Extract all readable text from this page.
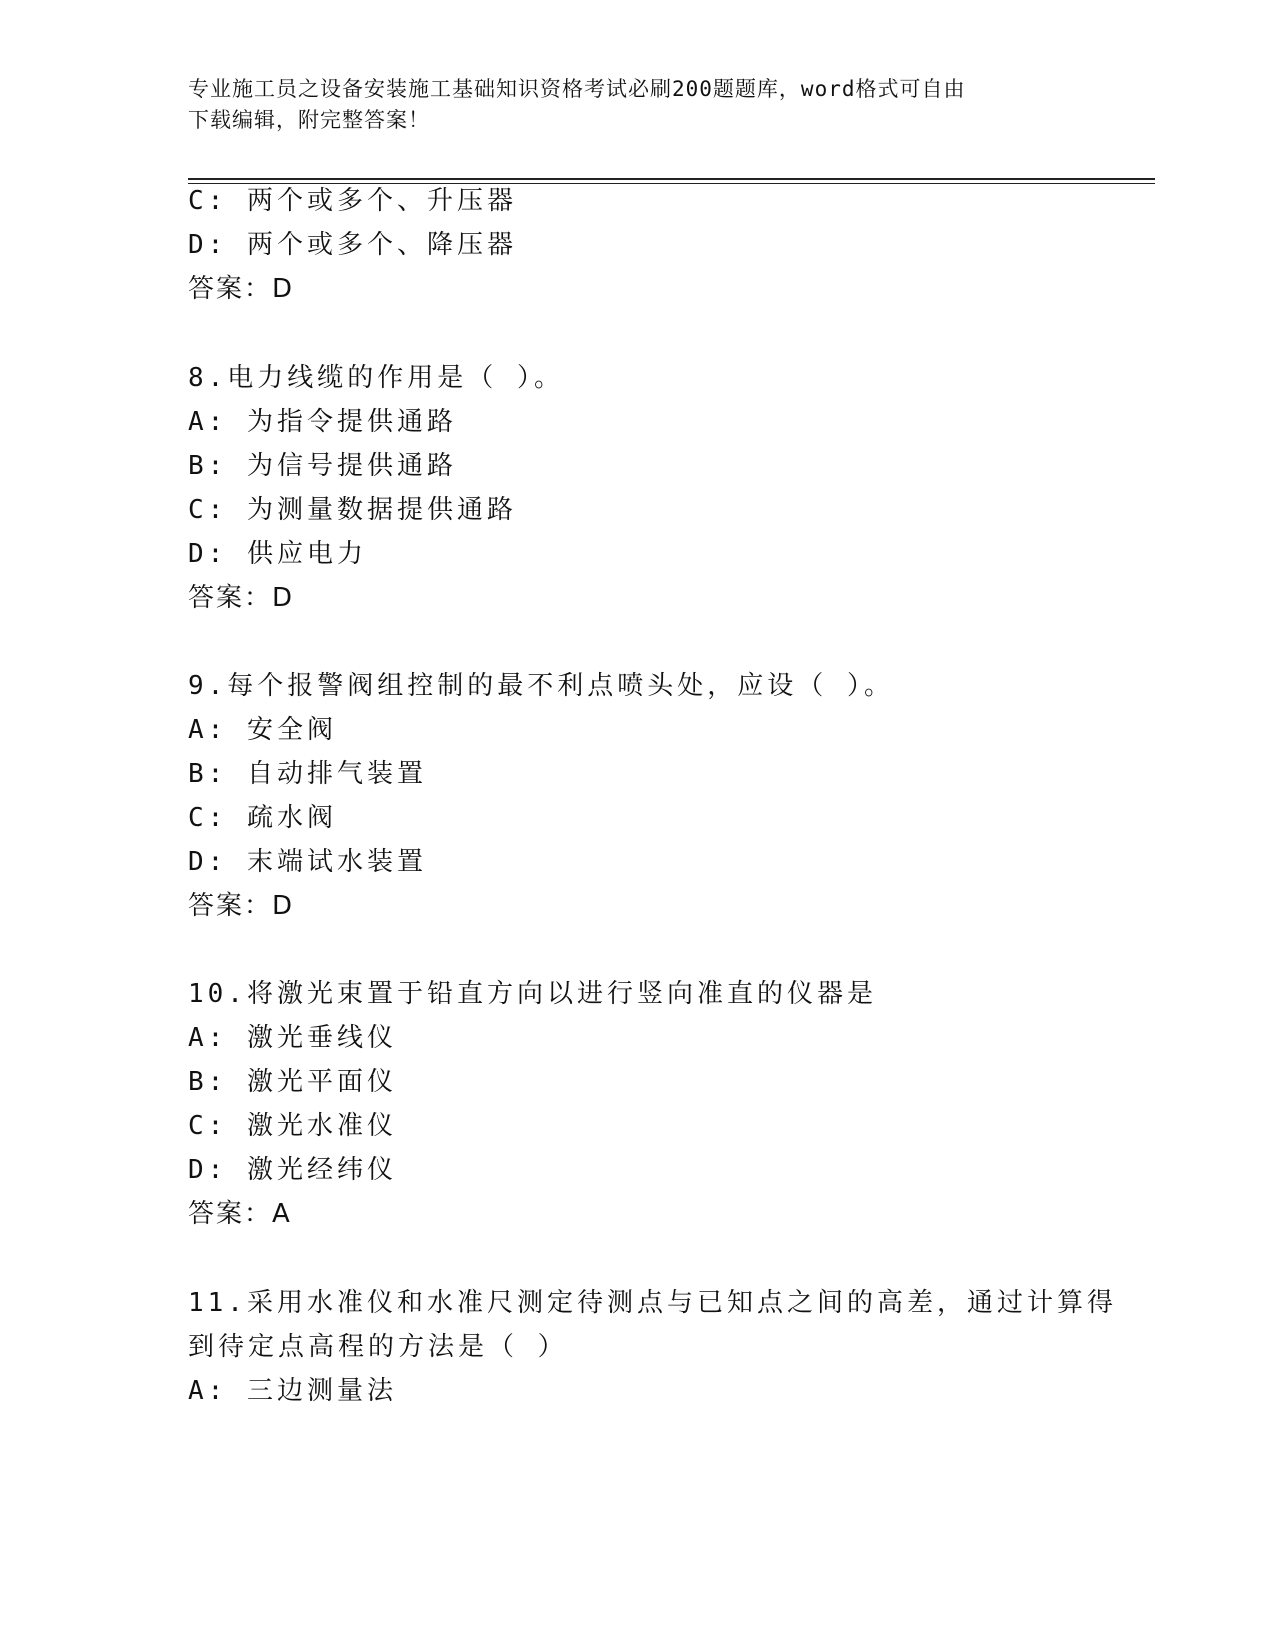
专业施工员之设备安装施工基础知识资格考试必刷200题题库，word格式可自由
下载编辑，附完整答案！
C: 两个或多个、升压器
D: 两个或多个、降压器
答案：D
8.电力线缆的作用是（ ）。
A: 为指令提供通路
B: 为信号提供通路
C: 为测量数据提供通路
D: 供应电力
答案：D
9.每个报警阀组控制的最不利点喷头处，应设（ ）。
A: 安全阀
B: 自动排气装置
C: 疏水阀
D: 末端试水装置
答案：D
10.将激光束置于铅直方向以进行竖向准直的仪器是
A: 激光垂线仪
B: 激光平面仪
C: 激光水准仪
D: 激光经纬仪
答案：A
11.采用水准仪和水准尺测定待测点与已知点之间的高差，通过计算得
到待定点高程的方法是（ ）
A: 三边测量法
